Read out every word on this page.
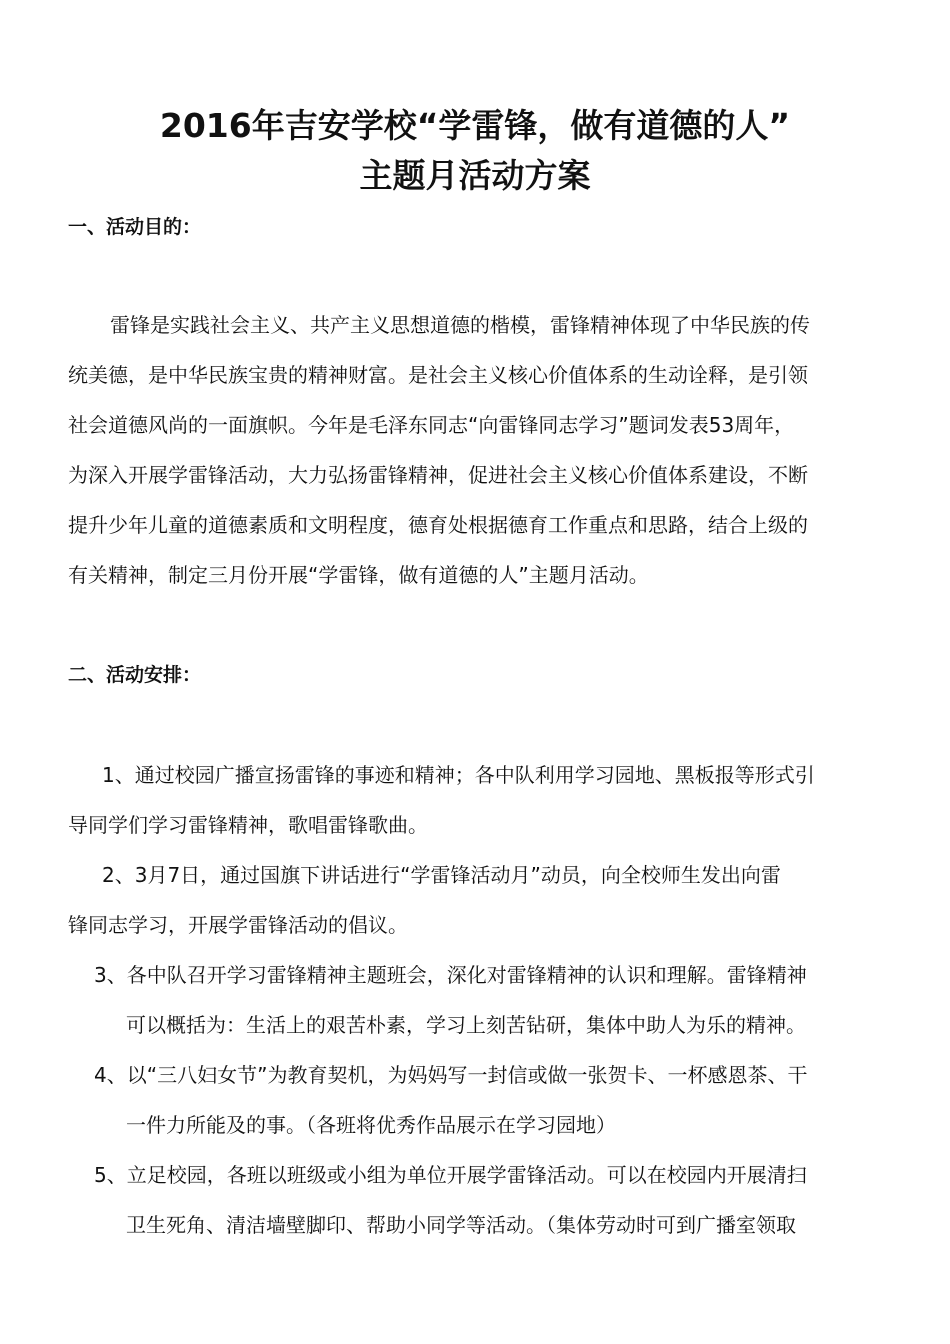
2016年吉安学校“学雷锋，做有道德的人”
主题月活动方案
一、活动目的：
雷锋是实践社会主义、共产主义思想道德的楷模，雷锋精神体现了中华民族的传
统美德，是中华民族宝贵的精神财富。是社会主义核心价值体系的生动诠释，是引领
社会道德风尚的一面旗帜。今年是毛泽东同志“向雷锋同志学习”题词发表53周年，
为深入开展学雷锋活动，大力弘扬雷锋精神，促进社会主义核心价值体系建设，不断
提升少年儿童的道德素质和文明程度，德育处根据德育工作重点和思路，结合上级的
有关精神，制定三月份开展“学雷锋，做有道德的人”主题月活动。
二、活动安排：
1、通过校园广播宣扬雷锋的事迹和精神；各中队利用学习园地、黑板报等形式引
导同学们学习雷锋精神，歌唱雷锋歌曲。
2、3月7日，通过国旗下讲话进行“学雷锋活动月”动员，向全校师生发出向雷
锋同志学习，开展学雷锋活动的倡议。
3、各中队召开学习雷锋精神主题班会，深化对雷锋精神的认识和理解。雷锋精神
可以概括为：生活上的艰苦朴素，学习上刻苦钻研，集体中助人为乐的精神。
4、以“三八妇女节”为教育契机，为妈妈写一封信或做一张贺卡、一杯感恩茶、干
一件力所能及的事。（各班将优秀作品展示在学习园地）
5、立足校园，各班以班级或小组为单位开展学雷锋活动。可以在校园内开展清扫
卫生死角、清洁墙壁脚印、帮助小同学等活动。（集体劳动时可到广播室领取
